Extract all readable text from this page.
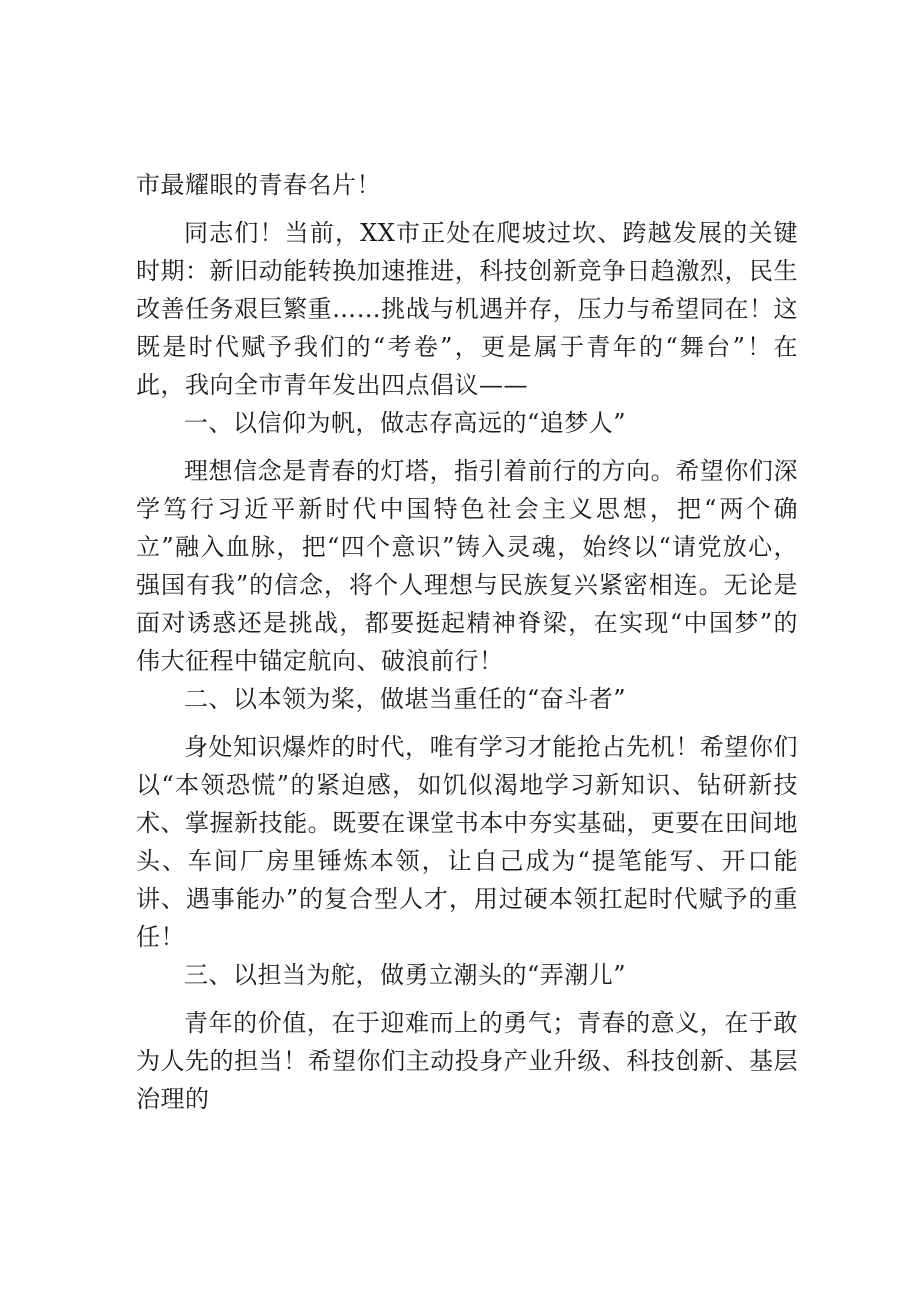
市最耀眼的青春名片！

同志们！当前，XX市正处在爬坡过坎、跨越发展的关键时期：新旧动能转换加速推进，科技创新竞争日趋激烈，民生改善任务艰巨繁重……挑战与机遇并存，压力与希望同在！这既是时代赋予我们的“考卷”，更是属于青年的“舞台”！在此，我向全市青年发出四点倡议——

一、以信仰为帆，做志存高远的“追梦人”

理想信念是青春的灯塔，指引着前行的方向。希望你们深学笃行习近平新时代中国特色社会主义思想，把“两个确立”融入血脉，把“四个意识”铸入灵魂，始终以“请党放心，强国有我”的信念，将个人理想与民族复兴紧密相连。无论是面对诱惑还是挑战，都要挺起精神脊梁，在实现“中国梦”的伟大征程中锚定航向、破浪前行！

二、以本领为桨，做堪当重任的“奋斗者”

身处知识爆炸的时代，唯有学习才能抢占先机！希望你们以“本领恐慌”的紧迫感，如饥似渴地学习新知识、钻研新技术、掌握新技能。既要在课堂书本中夯实基础，更要在田间地头、车间厂房里锤炼本领，让自己成为“提笔能写、开口能讲、遇事能办”的复合型人才，用过硬本领扛起时代赋予的重任！

三、以担当为舵，做勇立潮头的“弄潮儿”

青年的价值，在于迎难而上的勇气；青春的意义，在于敢为人先的担当！希望你们主动投身产业升级、科技创新、基层治理的
